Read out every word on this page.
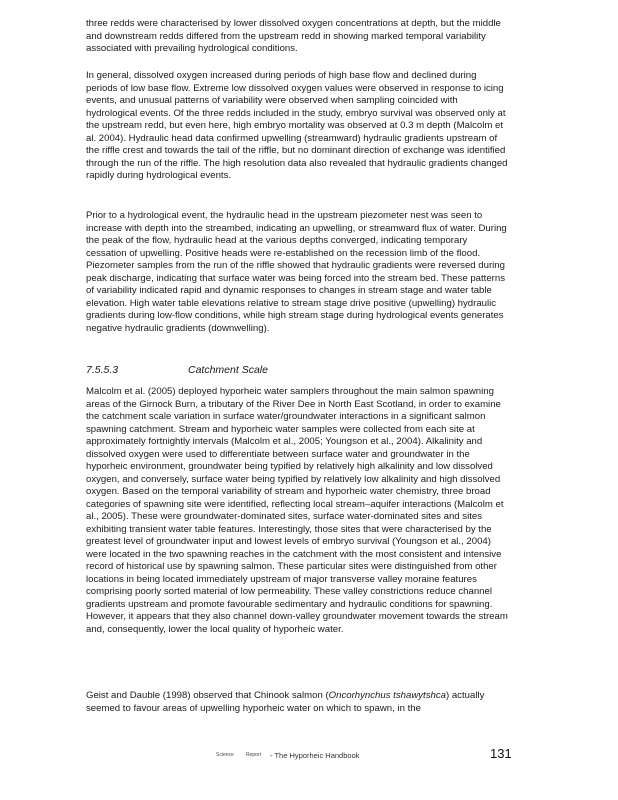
three redds were characterised by lower dissolved oxygen concentrations at depth, but the middle and downstream redds differed from the upstream redd in showing marked temporal variability associated with prevailing hydrological conditions.

In general, dissolved oxygen increased during periods of high base flow and declined during periods of low base flow. Extreme low dissolved oxygen values were observed in response to icing events, and unusual patterns of variability were observed when sampling coincided with hydrological events. Of the three redds included in the study, embryo survival was observed only at the upstream redd, but even here, high embryo mortality was observed at 0.3 m depth (Malcolm et al. 2004). Hydraulic head data confirmed upwelling (streamward) hydraulic gradients upstream of the riffle crest and towards the tail of the riffle, but no dominant direction of exchange was identified through the run of the riffle. The high resolution data also revealed that hydraulic gradients changed rapidly during hydrological events.

Prior to a hydrological event, the hydraulic head in the upstream piezometer nest was seen to increase with depth into the streambed, indicating an upwelling, or streamward flux of water. During the peak of the flow, hydraulic head at the various depths converged, indicating temporary cessation of upwelling. Positive heads were re-established on the recession limb of the flood. Piezometer samples from the run of the riffle showed that hydraulic gradients were reversed during peak discharge, indicating that surface water was being forced into the stream bed. These patterns of variability indicated rapid and dynamic responses to changes in stream stage and water table elevation. High water table elevations relative to stream stage drive positive (upwelling) hydraulic gradients during low-flow conditions, while high stream stage during hydrological events generates negative hydraulic gradients (downwelling).

7.5.5.3	Catchment Scale

Malcolm et al. (2005) deployed hyporheic water samplers throughout the main salmon spawning areas of the Girnock Burn, a tributary of the River Dee in North East Scotland, in order to examine the catchment scale variation in surface water/groundwater interactions in a significant salmon spawning catchment. Stream and hyporheic water samples were collected from each site at approximately fortnightly intervals (Malcolm et al., 2005; Youngson et al., 2004). Alkalinity and dissolved oxygen were used to differentiate between surface water and groundwater in the hyporheic environment, groundwater being typified by relatively high alkalinity and low dissolved oxygen, and conversely, surface water being typified by relatively low alkalinity and high dissolved oxygen. Based on the temporal variability of stream and hyporheic water chemistry, three broad categories of spawning site were identified, reflecting local stream–aquifer interactions (Malcolm et al., 2005). These were groundwater-dominated sites, surface water-dominated sites and sites exhibiting transient water table features. Interestingly, those sites that were characterised by the greatest level of groundwater input and lowest levels of embryo survival (Youngson et al., 2004) were located in the two spawning reaches in the catchment with the most consistent and intensive record of historical use by spawning salmon. These particular sites were distinguished from other locations in being located immediately upstream of major transverse valley moraine features comprising poorly sorted material of low permeability. These valley constrictions reduce channel gradients upstream and promote favourable sedimentary and hydraulic conditions for spawning. However, it appears that they also channel down-valley groundwater movement towards the stream and, consequently, lower the local quality of hyporheic water.

Geist and Dauble (1998) observed that Chinook salmon (Oncorhynchus tshawytshca) actually seemed to favour areas of upwelling hyporheic water on which to spawn, in the

Science Report - The Hyporheic Handbook	131
